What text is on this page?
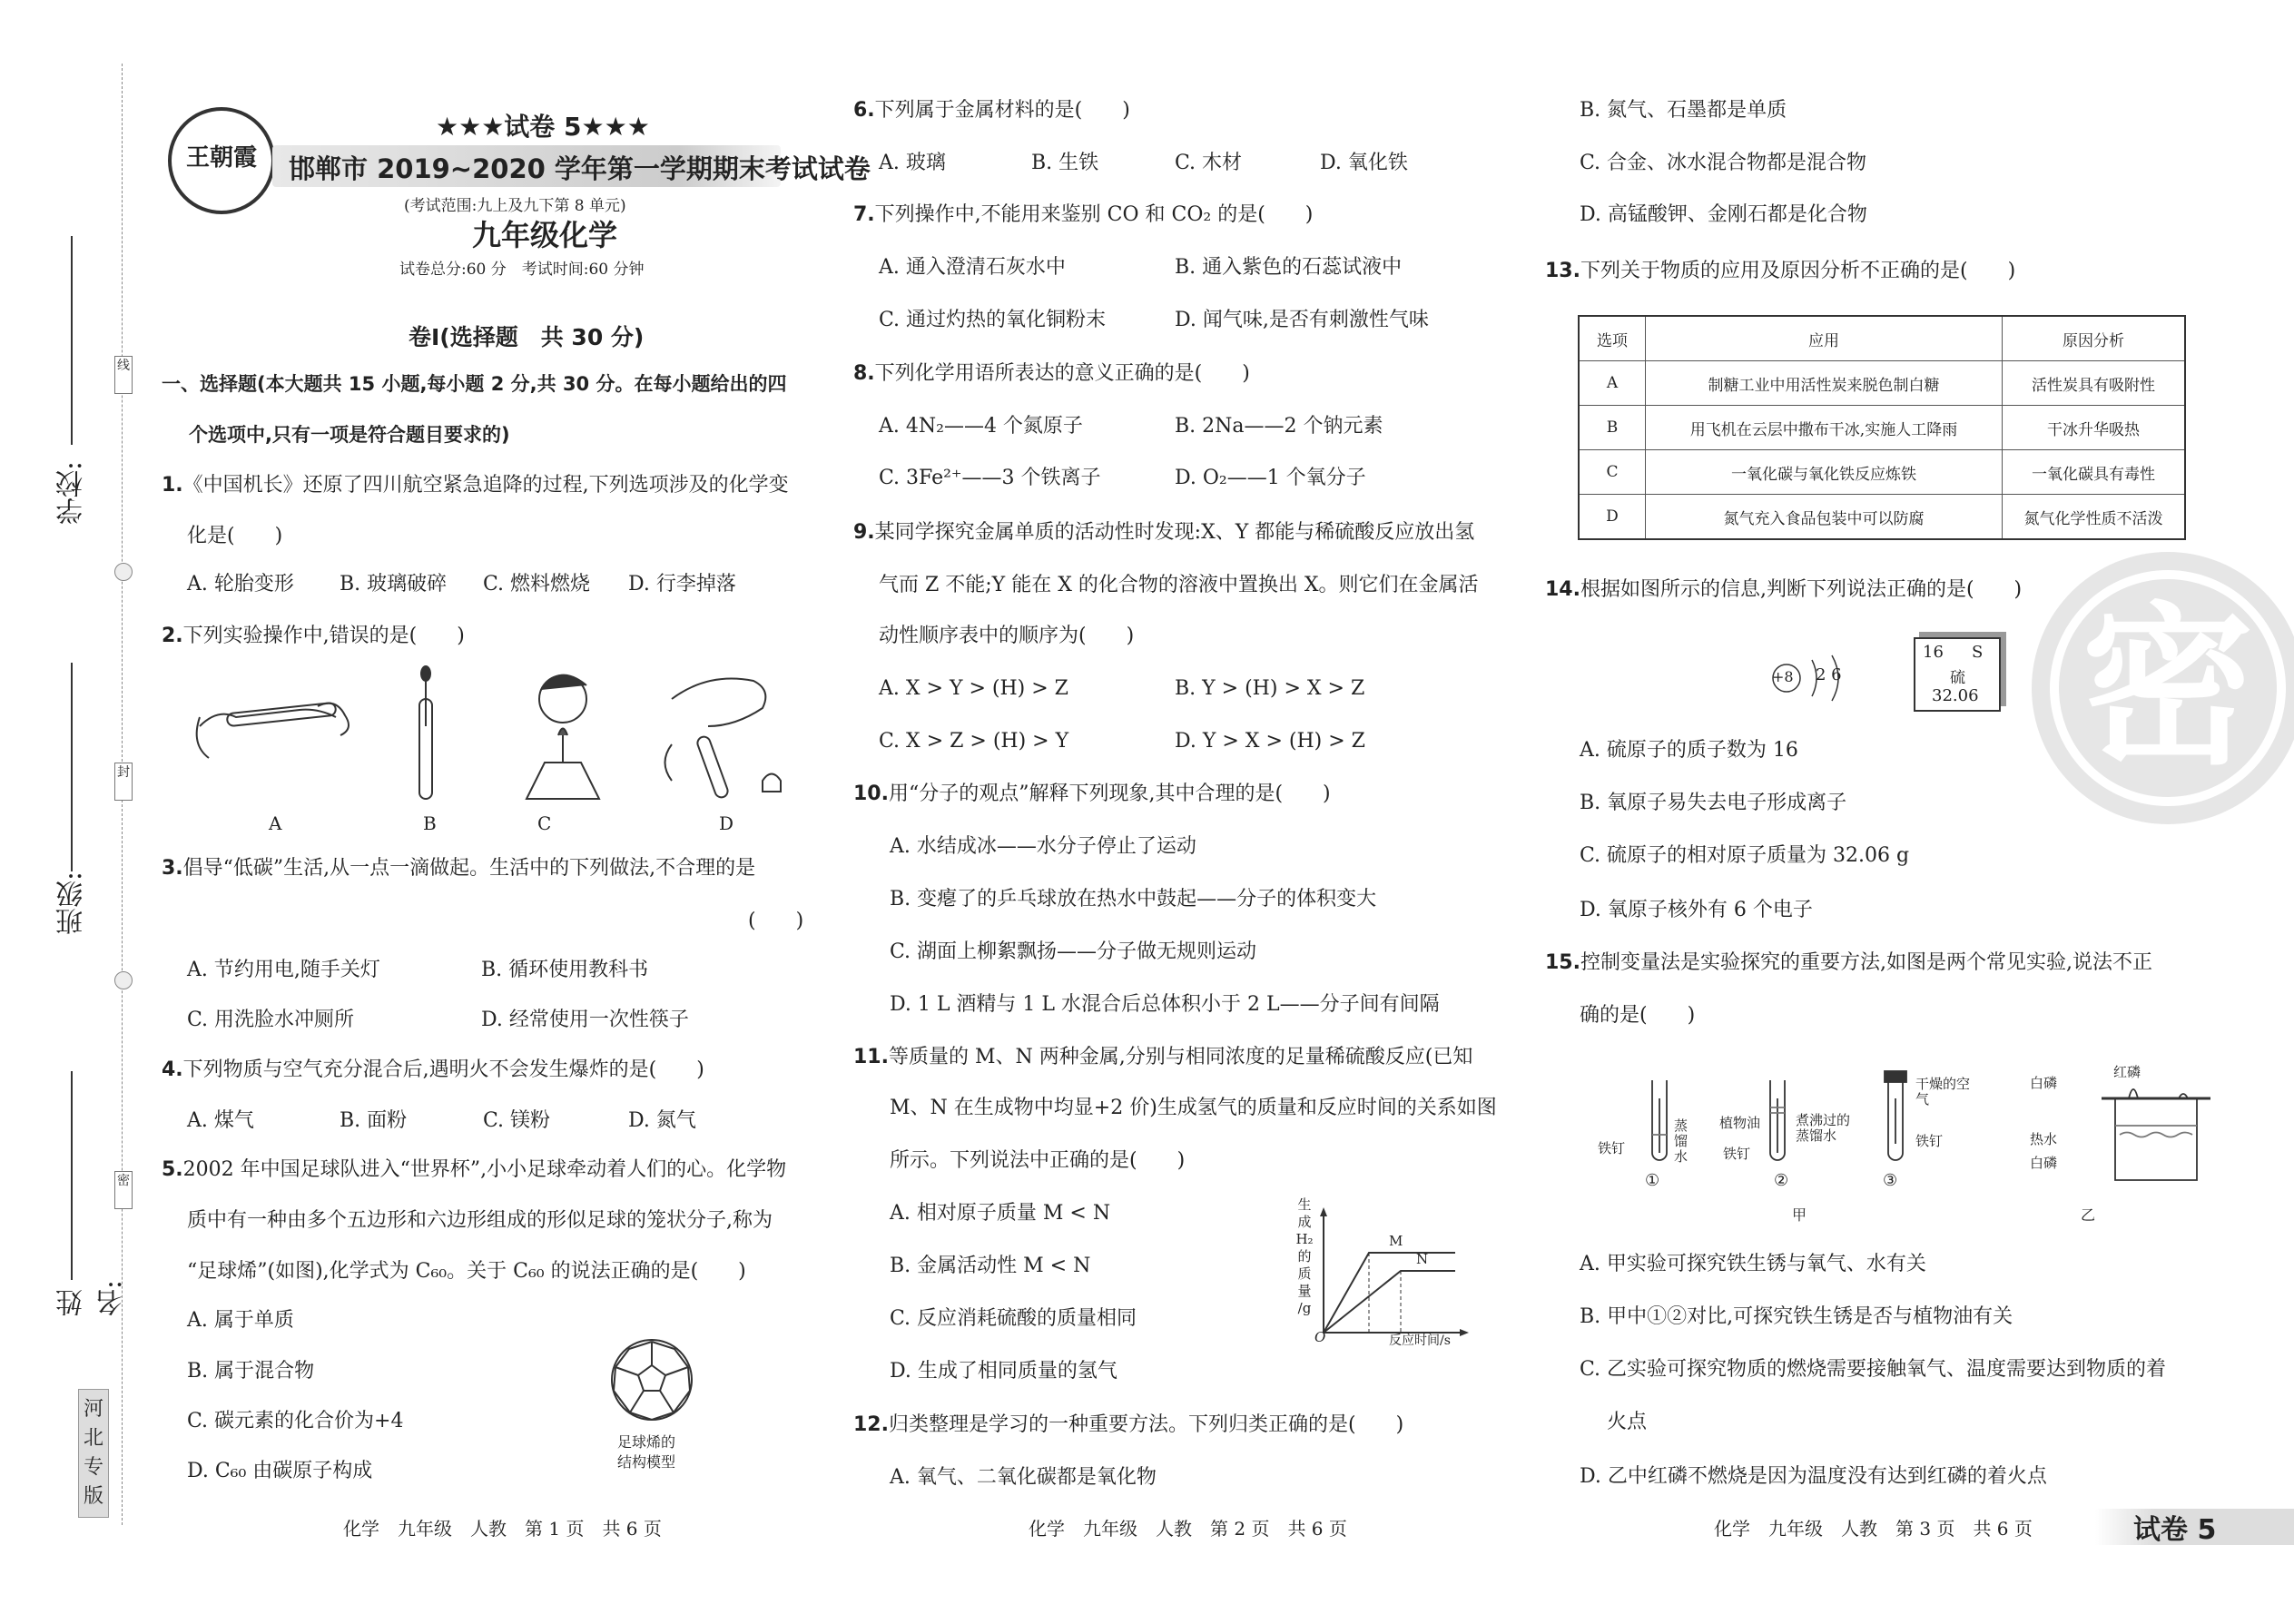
学校:
班级:
姓名:
线
封
密
河
北
专
版
王朝霞
★★★试卷 5★★★
邯郸市 2019~2020 学年第一学期期末考试试卷
(考试范围:九上及九下第 8 单元)
九年级化学
试卷总分:60 分　考试时间:60 分钟
卷Ⅰ(选择题　共 30 分)
一、选择题(本大题共 15 小题,每小题 2 分,共 30 分。在每小题给出的四
个选项中,只有一项是符合题目要求的)
1.《中国机长》还原了四川航空紧急追降的过程,下列选项涉及的化学变
化是(　　)
A. 轮胎变形 B. 玻璃破碎 C. 燃料燃烧 D. 行李掉落
2.下列实验操作中,错误的是(　　)
A	B	C	D
3.倡导“低碳”生活,从一点一滴做起。生活中的下列做法,不合理的是
(　　)
A. 节约用电,随手关灯	B. 循环使用教科书
C. 用洗脸水冲厕所	D. 经常使用一次性筷子
4.下列物质与空气充分混合后,遇明火不会发生爆炸的是(　　)
A. 煤气	B. 面粉	C. 镁粉	D. 氮气
5.2002 年中国足球队进入“世界杯”,小小足球牵动着人们的心。化学物
质中有一种由多个五边形和六边形组成的形似足球的笼状分子,称为
“足球烯”(如图),化学式为 C₆₀。关于 C₆₀ 的说法正确的是(　　)
A. 属于单质
B. 属于混合物
C. 碳元素的化合价为+4
D. C₆₀ 由碳原子构成
足球烯的
结构模型
化学　九年级　人教　第 1 页　共 6 页
6.下列属于金属材料的是(　　)
A. 玻璃	B. 生铁	C. 木材	D. 氧化铁
7.下列操作中,不能用来鉴别 CO 和 CO₂ 的是(　　)
A. 通入澄清石灰水中	B. 通入紫色的石蕊试液中
C. 通过灼热的氧化铜粉末	D. 闻气味,是否有刺激性气味
8.下列化学用语所表达的意义正确的是(　　)
A. 4N₂——4 个氮原子	B. 2Na——2 个钠元素
C. 3Fe²⁺——3 个铁离子	D. O₂——1 个氧分子
9.某同学探究金属单质的活动性时发现:X、Y 都能与稀硫酸反应放出氢
气而 Z 不能;Y 能在 X 的化合物的溶液中置换出 X。则它们在金属活
动性顺序表中的顺序为(　　)
A. X > Y > (H) > Z	B. Y > (H) > X > Z
C. X > Z > (H) > Y	D. Y > X > (H) > Z
10.用“分子的观点”解释下列现象,其中合理的是(　　)
A. 水结成冰——水分子停止了运动
B. 变瘪了的乒乓球放在热水中鼓起——分子的体积变大
C. 湖面上柳絮飘扬——分子做无规则运动
D. 1 L 酒精与 1 L 水混合后总体积小于 2 L——分子间有间隔
11.等质量的 M、N 两种金属,分别与相同浓度的足量稀硫酸反应(已知
M、N 在生成物中均显+2 价)生成氢气的质量和反应时间的关系如图
所示。下列说法中正确的是(　　)
A. 相对原子质量 M < N
B. 金属活动性 M < N
C. 反应消耗硫酸的质量相同
D. 生成了相同质量的氢气
生
成
H₂
的
质
量
/g
M
N
O	反应时间/s
12.归类整理是学习的一种重要方法。下列归类正确的是(　　)
A. 氧气、二氧化碳都是氧化物
化学　九年级　人教　第 2 页　共 6 页
B. 氮气、石墨都是单质
C. 合金、冰水混合物都是混合物
D. 高锰酸钾、金刚石都是化合物
13.下列关于物质的应用及原因分析不正确的是(　　)
选项	应用	原因分析
A	制糖工业中用活性炭来脱色制白糖	活性炭具有吸附性
B	用飞机在云层中撒布干冰,实施人工降雨	干冰升华吸热
C	一氧化碳与氧化铁反应炼铁	一氧化碳具有毒性
D	氮气充入食品包装中可以防腐	氮气化学性质不活泼
14.根据如图所示的信息,判断下列说法正确的是(　　)
+8 2 6
16 S
硫
32.06
A. 硫原子的质子数为 16
B. 氧原子易失去电子形成离子
C. 硫原子的相对原子质量为 32.06 g
D. 氧原子核外有 6 个电子
15.控制变量法是实验探究的重要方法,如图是两个常见实验,说法不正
确的是(　　)
铁钉
蒸馏水
植物油
铁钉
煮沸过的蒸馏水
干燥的空气
铁钉
白磷
红磷
热水
白磷
①	②	③
甲	乙
A. 甲实验可探究铁生锈与氧气、水有关
B. 甲中①②对比,可探究铁生锈是否与植物油有关
C. 乙实验可探究物质的燃烧需要接触氧气、温度需要达到物质的着
火点
D. 乙中红磷不燃烧是因为温度没有达到红磷的着火点
化学　九年级　人教　第 3 页　共 6 页
密
试卷 5
